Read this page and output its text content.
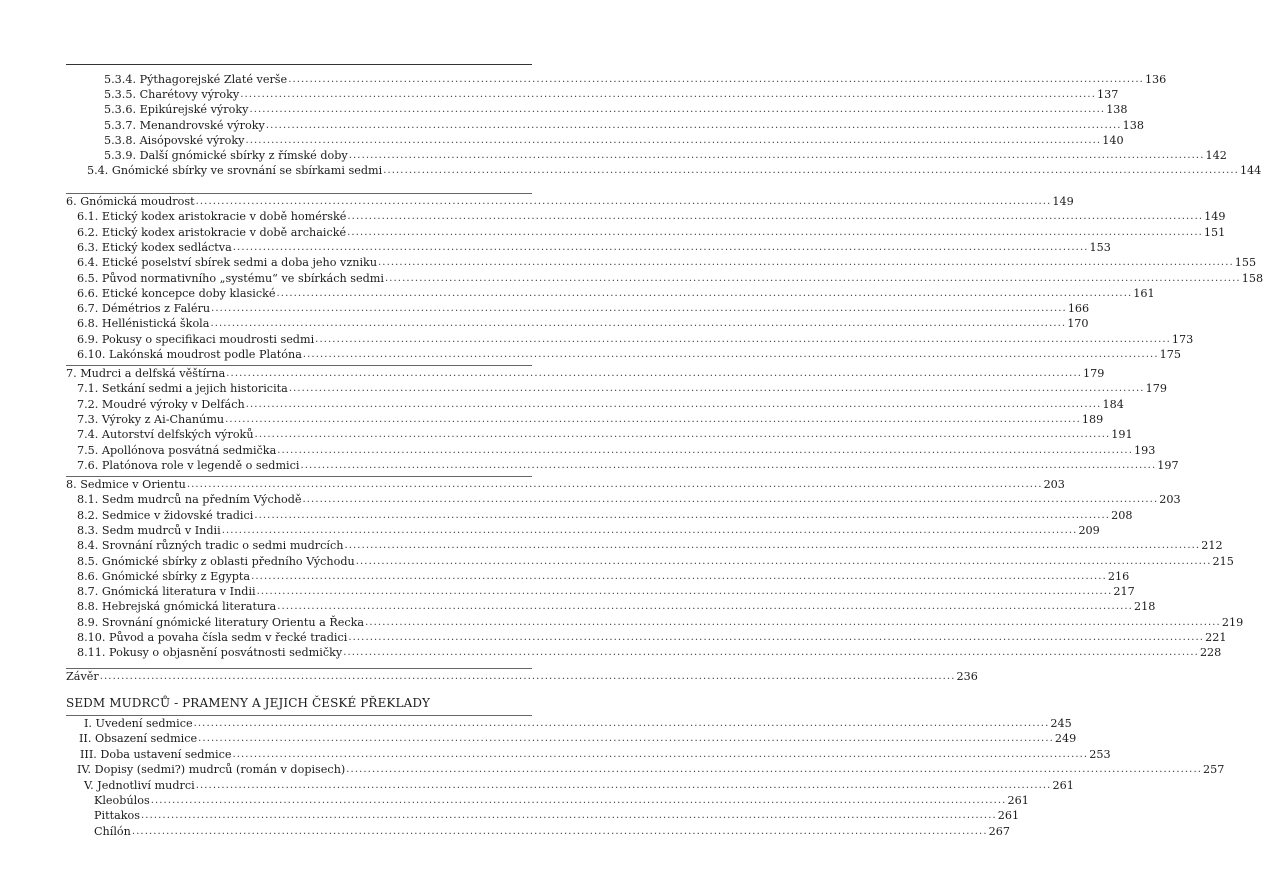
SEDM MUDRCŮ - PRAMENY A JEJICH ČESKÉ PŘEKLADY
5.3.4. Pýthagorejské Zlaté verše ........................................................................................................................................................................................................ 136
5.3.5. Charétovy výroky ........................................................................................................................................................................................................ 137
5.3.6. Epikúrejské výroky ........................................................................................................................................................................................................ 138
5.3.7. Menandrovské výroky ........................................................................................................................................................................................................ 138
5.3.8. Aisópovské výroky ........................................................................................................................................................................................................ 140
5.3.9. Další gnómické sbírky z římské doby ........................................................................................................................................................................................................ 142
5.4. Gnómické sbírky ve srovnání se sbírkami sedmi ........................................................................................................................................................................................................ 144
6. Gnómická moudrost ........................................................................................................................................................................................................ 149
6.1. Etický kodex aristokracie v době homérské ........................................................................................................................................................................................................ 149
6.2. Etický kodex aristokracie v době archaické ........................................................................................................................................................................................................ 151
6.3. Etický kodex sedláctva ........................................................................................................................................................................................................ 153
6.4. Etické poselství sbírek sedmi a doba jeho vzniku ........................................................................................................................................................................................................ 155
6.5. Původ normativního „systému“ ve sbírkách sedmi ........................................................................................................................................................................................................ 158
6.6. Etické koncepce doby klasické ........................................................................................................................................................................................................ 161
6.7. Démétrios z Faléru ........................................................................................................................................................................................................ 166
6.8. Hellénistická škola ........................................................................................................................................................................................................ 170
6.9. Pokusy o specifikaci moudrosti sedmi ........................................................................................................................................................................................................ 173
6.10. Lakónská moudrost podle Platóna ........................................................................................................................................................................................................ 175
7. Mudrci a delfská věštírna ........................................................................................................................................................................................................ 179
7.1. Setkání sedmi a jejich historicita ........................................................................................................................................................................................................ 179
7.2. Moudré výroky v Delfách ........................................................................................................................................................................................................ 184
7.3. Výroky z Ai-Chanúmu ........................................................................................................................................................................................................ 189
7.4. Autorství delfských výroků ........................................................................................................................................................................................................ 191
7.5. Apollónova posvátná sedmička ........................................................................................................................................................................................................ 193
7.6. Platónova role v legendě o sedmici ........................................................................................................................................................................................................ 197
8. Sedmice v Orientu ........................................................................................................................................................................................................ 203
8.1. Sedm mudrců na předním Východě ........................................................................................................................................................................................................ 203
8.2. Sedmice v židovské tradici ........................................................................................................................................................................................................ 208
8.3. Sedm mudrců v Indii ........................................................................................................................................................................................................ 209
8.4. Srovnání různých tradic o sedmi mudrcích ........................................................................................................................................................................................................ 212
8.5. Gnómické sbírky z oblasti předního Východu ........................................................................................................................................................................................................ 215
8.6. Gnómické sbírky z Egypta ........................................................................................................................................................................................................ 216
8.7. Gnómická literatura v Indii ........................................................................................................................................................................................................ 217
8.8. Hebrejská gnómická literatura ........................................................................................................................................................................................................ 218
8.9. Srovnání gnómické literatury Orientu a Řecka ........................................................................................................................................................................................................ 219
8.10. Původ a povaha čísla sedm v řecké tradici ........................................................................................................................................................................................................ 221
8.11. Pokusy o objasnění posvátnosti sedmičky ........................................................................................................................................................................................................ 228
I. Uvedení sedmice ........................................................................................................................................................................................................ 245
II. Obsazení sedmice ........................................................................................................................................................................................................ 249
III. Doba ustavení sedmice ........................................................................................................................................................................................................ 253
IV. Dopisy (sedmi?) mudrců (román v dopisech) ........................................................................................................................................................................................................ 257
V. Jednotliví mudrci ........................................................................................................................................................................................................ 261
Kleobúlos ........................................................................................................................................................................................................ 261
Pittakos ........................................................................................................................................................................................................ 261
Chílón ........................................................................................................................................................................................................ 267
Závěr ........................................................................................................................................................................................................ 236
